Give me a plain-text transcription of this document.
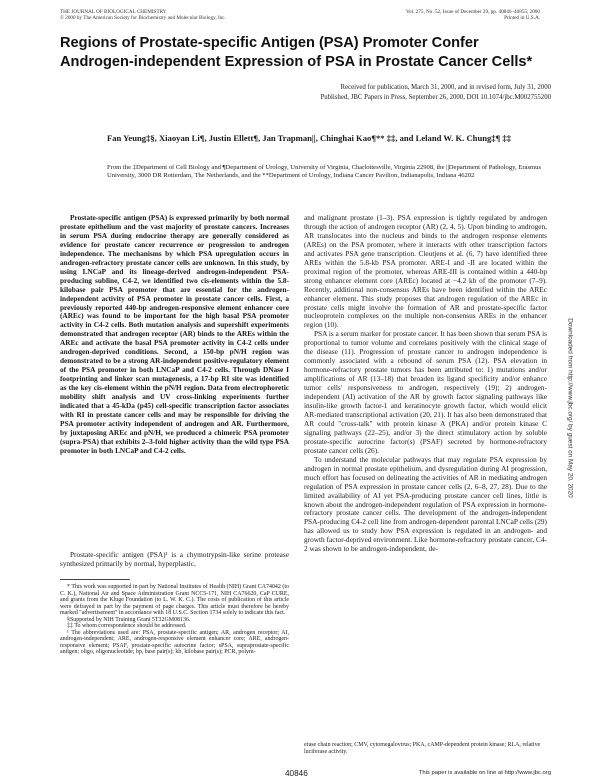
THE JOURNAL OF BIOLOGICAL CHEMISTRY
© 2000 by The American Society for Biochemistry and Molecular Biology, Inc.
Vol. 275, No. 52, Issue of December 29, pp. 40846–40855, 2000
Printed in U.S.A.
Regions of Prostate-specific Antigen (PSA) Promoter Confer Androgen-independent Expression of PSA in Prostate Cancer Cells*
Received for publication, March 31, 2000, and in revised form, July 31, 2000
Published, JBC Papers in Press, September 26, 2000, DOI 10.1074/jbc.M002755200
Fan Yeung‡§, Xiaoyan Li¶, Justin Ellett¶, Jan Trapman||, Chinghai Kao¶** ‡‡, and Leland W. K. Chung‡¶ ‡‡
From the ‡Department of Cell Biology and ¶Department of Urology, University of Virginia, Charlottesville, Virginia 22908, the ||Department of Pathology, Erasmus University, 3000 DR Rotterdam, The Netherlands, and the **Department of Urology, Indiana Cancer Pavilion, Indianapolis, Indiana 46202

Prostate-specific antigen (PSA) is expressed primarily by both normal prostate epithelium and the vast majority of prostate cancers. Increases in serum PSA during endocrine therapy are generally considered as evidence for prostate cancer recurrence or progression to androgen independence. The mechanisms by which PSA upregulation occurs in androgen-refractory prostate cancer cells are unknown. In this study, by using LNCaP and its lineage-derived androgen-independent PSA-producing subline, C4-2, we identified two cis-elements within the 5.8-kilobase pair PSA promoter that are essential for the androgen-independent activity of PSA promoter in prostate cancer cells. First, a previously reported 440-bp androgen-responsive element enhancer core (AREc) was found to be important for the high basal PSA promoter activity in C4-2 cells. Both mutation analysis and supershift experiments demonstrated that androgen receptor (AR) binds to the AREs within the AREc and activate the basal PSA promoter activity in C4-2 cells under androgen-deprived conditions. Second, a 150-bp pN/H region was demonstrated to be a strong AR-independent positive-regulatory element of the PSA promoter in both LNCaP and C4-2 cells. Through DNase I footprinting and linker scan mutagenesis, a 17-bp RI site was identified as the key cis-element within the pN/H region. Data from electrophoretic mobility shift analysis and UV cross-linking experiments further indicated that a 45-kDa (p45) cell-specific transcription factor associates with RI in prostate cancer cells and may be responsible for driving the PSA promoter activity independent of androgen and AR. Furthermore, by juxtaposing AREc and pN/H, we produced a chimeric PSA promoter (supra-PSA) that exhibits 2–3-fold higher activity than the wild type PSA promoter in both LNCaP and C4-2 cells.

Prostate-specific antigen (PSA)¹ is a chymotrypsin-like serine protease synthesized primarily by normal, hyperplastic,

* This work was supported in part by National Institutes of Health (NIH) Grant CA74042 (to C. K.), National Air and Space Administration Grant NCC5-171, NIH CA76620, CaP CURE, and grants from the Kluge Foundation (to L. W. K. C.). The costs of publication of this article were defrayed in part by the payment of page charges. This article must therefore be hereby marked "advertisement" in accordance with 18 U.S.C. Section 1734 solely to indicate this fact.

§Supported by NIH Training Grant 5T32GM08136.

‡‡ To whom correspondence should be addressed.

¹ The abbreviations used are: PSA, prostate-specific antigen; AR, androgen receptor; AI, androgen-independent; ARE, androgen-responsive element enhancer core; ARE, androgen-responsive element; PSAF, prostate-specific autocrine factor; sPSA, supraprostate-specific antigen; oligo, oligonucleotide; bp, base pair(s); kb, kilobase pair(s); PCR, polym-

and malignant prostate (1–3). PSA expression is tightly regulated by androgen through the action of androgen receptor (AR) (2, 4, 5). Upon binding to androgen, AR translocates into the nucleus and binds to the androgen response elements (AREs) on the PSA promoter, where it interacts with other transcription factors and activates PSA gene transcription. Cleutjens et al. (6, 7) have identified three AREs within the 5.8-kb PSA promoter. ARE-I and -II are located within the proximal region of the promoter, whereas ARE-III is contained within a 440-bp strong enhancer element core (AREc) located at −4.2 kb of the promoter (7–9). Recently, additional non-consensus AREs have been identified within the AREc enhancer element. This study proposes that androgen regulation of the AREc in prostate cells might involve the formation of AR and prostate-specific factor nucleoprotein complexes on the multiple non-consensus AREs in the enhancer region (10).

PSA is a serum marker for prostate cancer. It has been shown that serum PSA is proportional to tumor volume and correlates positively with the clinical stage of the disease (11). Progression of prostate cancer to androgen independence is commonly associated with a rebound of serum PSA (12). PSA elevation in hormone-refractory prostate tumors has been attributed to: 1) mutations and/or amplifications of AR (13–18) that broaden its ligand specificity and/or enhance tumor cells' responsiveness to androgen, respectively (19); 2) androgen-independent (AI) activation of the AR by growth factor signaling pathways like insulin-like growth factor-1 and keratinocyte growth factor, which would elicit AR-mediated transcriptional activation (20, 21). It has also been demonstrated that AR could "cross-talk" with protein kinase A (PKA) and/or protein kinase C signaling pathways (22–25), and/or 3) the direct stimulatory action by soluble prostate-specific autocrine factor(s) (PSAF) secreted by hormone-refractory prostate cancer cells (26).

To understand the molecular pathways that may regulate PSA expression by androgen in normal prostate epithelium, and dysregulation during AI progression, much effort has focused on delineating the activities of AR in mediating androgen regulation of PSA expression in prostate cancer cells (2, 6–8, 27, 28). Due to the limited availability of AI yet PSA-producing prostate cancer cell lines, little is known about the androgen-independent regulation of PSA expression in hormone-refractory prostate cancer cells. The development of the androgen-independent PSA-producing C4-2 cell line from androgen-dependent parental LNCaP cells (29) has allowed us to study how PSA expression is regulated in an androgen- and growth factor-deprived environment. Like hormone-refractory prostate cancer, C4-2 was shown to be androgen-independent, de-

erase chain reaction; CMV, cytomegalovirus; PKA, cAMP-dependent protein kinase; RLA, relative luciferase activity.
40846	This paper is available on line at http://www.jbc.org
Downloaded from http://www.jbc.org/ by guest on May 20, 2020
